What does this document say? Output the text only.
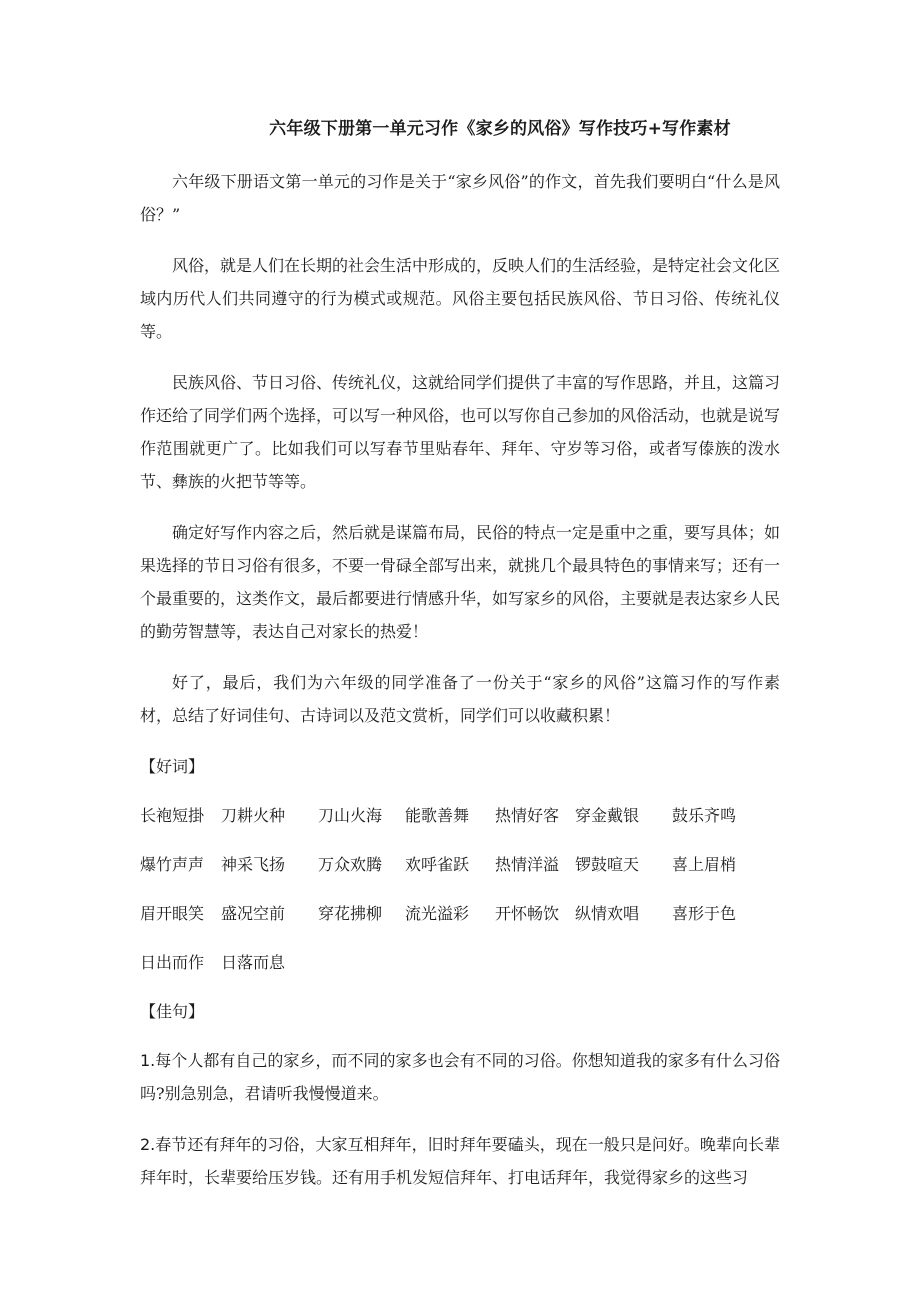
六年级下册第一单元习作《家乡的风俗》写作技巧+写作素材

六年级下册语文第一单元的习作是关于“家乡风俗”的作文，首先我们要明白“什么是风俗？”

风俗，就是人们在长期的社会生活中形成的，反映人们的生活经验，是特定社会文化区域内历代人们共同遵守的行为模式或规范。风俗主要包括民族风俗、节日习俗、传统礼仪等。

民族风俗、节日习俗、传统礼仪，这就给同学们提供了丰富的写作思路，并且，这篇习作还给了同学们两个选择，可以写一种风俗，也可以写你自己参加的风俗活动，也就是说写作范围就更广了。比如我们可以写春节里贴春年、拜年、守岁等习俗，或者写傣族的泼水节、彝族的火把节等等。

确定好写作内容之后，然后就是谋篇布局，民俗的特点一定是重中之重，要写具体；如果选择的节日习俗有很多，不要一骨碌全部写出来，就挑几个最具特色的事情来写；还有一个最重要的，这类作文，最后都要进行情感升华，如写家乡的风俗，主要就是表达家乡人民的勤劳智慧等，表达自己对家长的热爱！

好了，最后，我们为六年级的同学准备了一份关于“家乡的风俗”这篇习作的写作素材，总结了好词佳句、古诗词以及范文赏析，同学们可以收藏积累！

【好词】

长袍短掛	刀耕火种	刀山火海	能歌善舞	热情好客 穿金戴银	鼓乐齐鸣
爆竹声声	神采飞扬	万众欢腾	欢呼雀跃	热情洋溢 锣鼓喧天	喜上眉梢
眉开眼笑	盛况空前	穿花拂柳	流光溢彩	开怀畅饮 纵情欢唱	喜形于色
日出而作	日落而息

【佳句】

1.每个人都有自己的家乡，而不同的家多也会有不同的习俗。你想知道我的家多有什么习俗吗?别急别急，君请听我慢慢道来。

2.春节还有拜年的习俗，大家互相拜年，旧时拜年要磕头，现在一般只是问好。晚辈向长辈拜年时，长辈要给压岁钱。还有用手机发短信拜年、打电话拜年，我觉得家乡的这些习
